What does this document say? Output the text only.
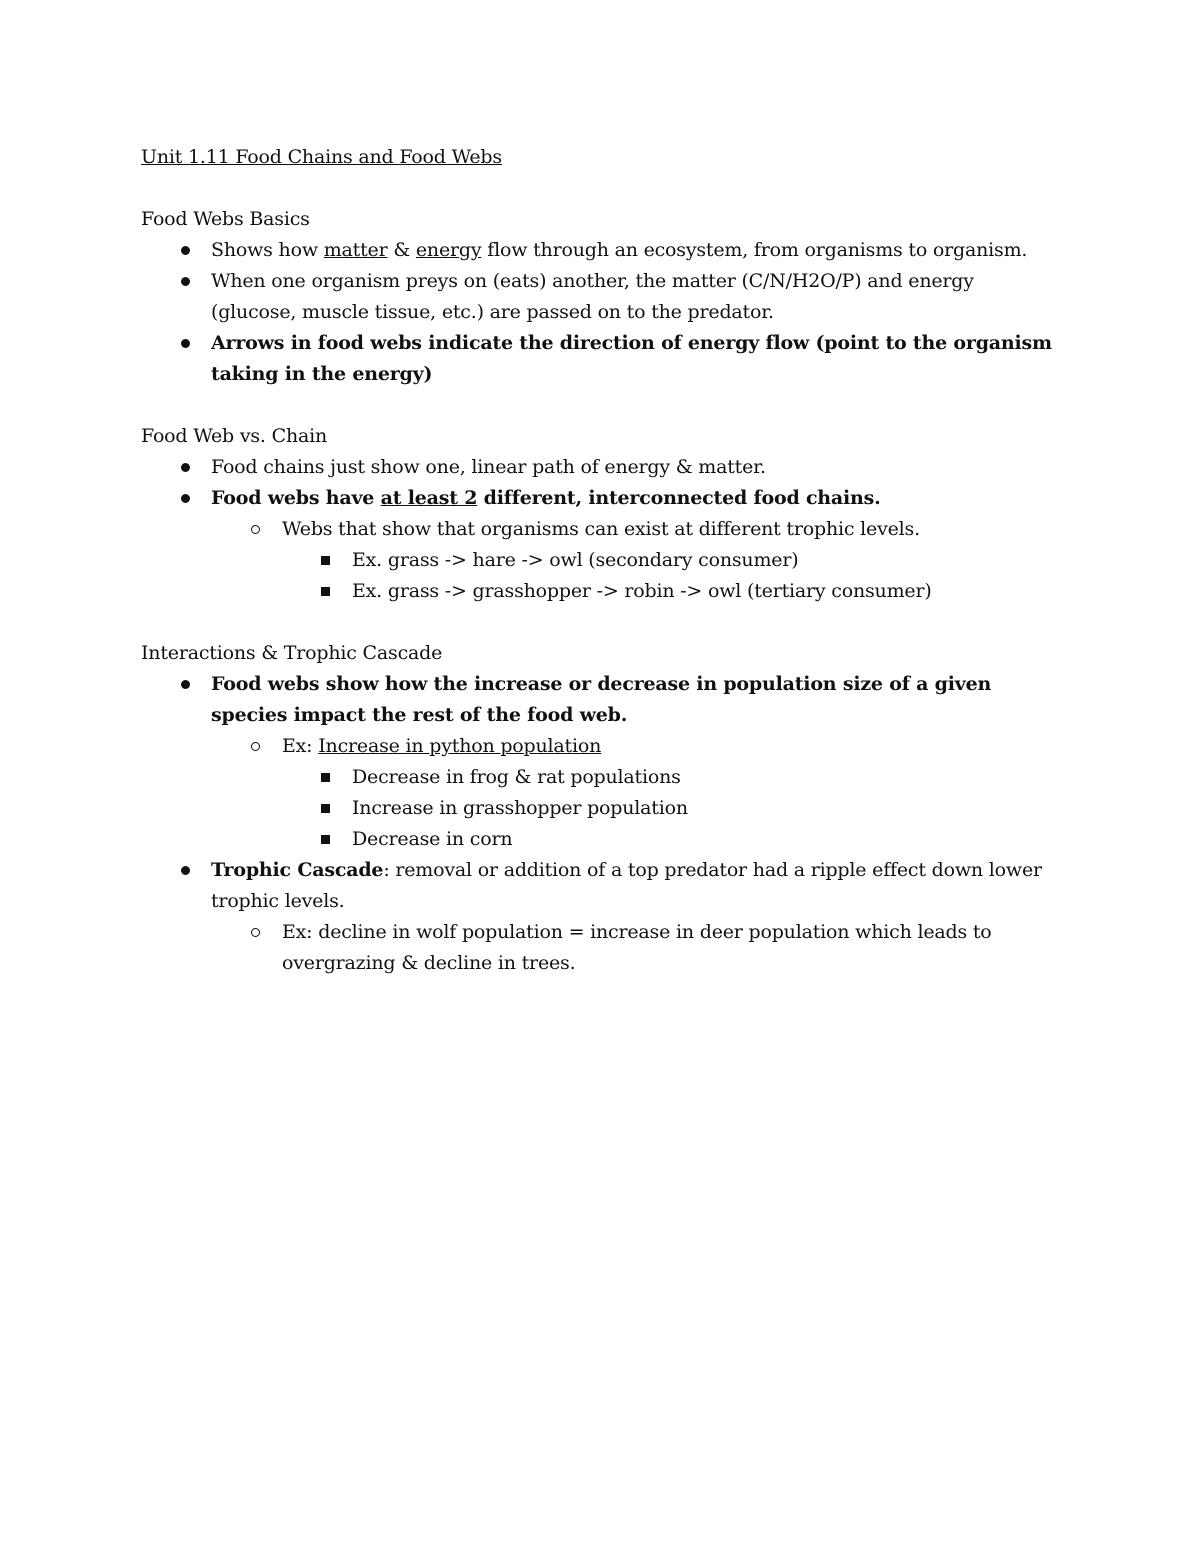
Unit 1.11 Food Chains and Food Webs

Food Webs Basics

Shows how matter & energy flow through an ecosystem, from organisms to organism.
When one organism preys on (eats) another, the matter (C/N/H2O/P) and energy (glucose, muscle tissue, etc.) are passed on to the predator.
Arrows in food webs indicate the direction of energy flow (point to the organism taking in the energy)

Food Web vs. Chain

Food chains just show one, linear path of energy & matter.
Food webs have at least 2 different, interconnected food chains.
Webs that show that organisms can exist at different trophic levels.
Ex. grass -> hare -> owl (secondary consumer)
Ex. grass -> grasshopper -> robin -> owl (tertiary consumer)

Interactions & Trophic Cascade

Food webs show how the increase or decrease in population size of a given species impact the rest of the food web.
Ex: Increase in python population
Decrease in frog & rat populations
Increase in grasshopper population
Decrease in corn
Trophic Cascade: removal or addition of a top predator had a ripple effect down lower trophic levels.
Ex: decline in wolf population = increase in deer population which leads to overgrazing & decline in trees.
